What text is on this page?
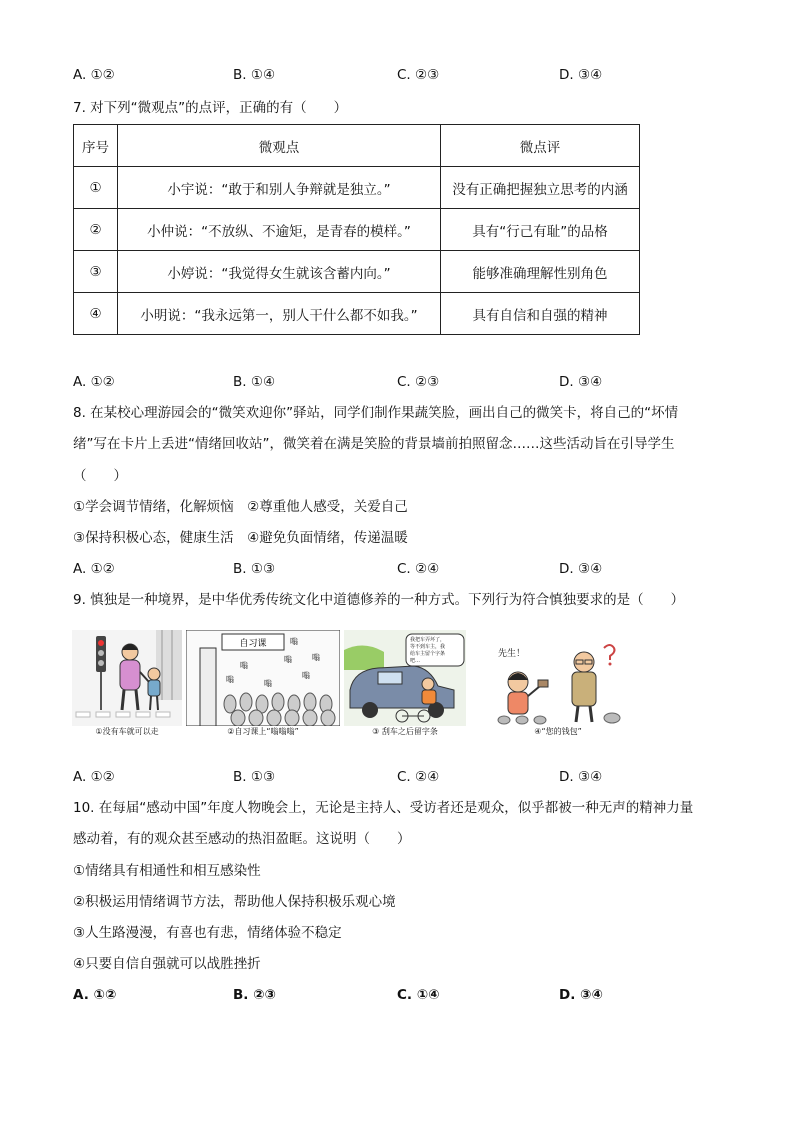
A. ①②	B. ①④	C. ②③	D. ③④
7. 对下列“微观点”的点评，正确的有（　　）
序号	微观点	微点评
①	小宇说：“敢于和别人争辩就是独立。”	没有正确把握独立思考的内涵
②	小仲说：“不放纵、不逾矩，是青春的模样。”	具有“行己有耻”的品格
③	小婷说：“我觉得女生就该含蓄内向。”	能够准确理解性别角色
④	小明说：“我永远第一，别人干什么都不如我。”	具有自信和自强的精神
A. ①②	B. ①④	C. ②③	D. ③④
8. 在某校心理游园会的“微笑欢迎你”驿站，同学们制作果蔬笑脸，画出自己的微笑卡，将自己的“坏情
绪”写在卡片上丢进“情绪回收站”，微笑着在满是笑脸的背景墙前拍照留念……这些活动旨在引导学生
（　　）
①学会调节情绪，化解烦恼　②尊重他人感受，关爱自己
③保持积极心态，健康生活　④避免负面情绪，传递温暖
A. ①②	B. ①③	C. ②④	D. ③④
9. 慎独是一种境界，是中华优秀传统文化中道德修养的一种方式。下列行为符合慎独要求的是（　　）
①没有车就可以走
自习课	嗡
嗡
嗡	嗡
嗡	嗡
嗡
②自习课上“嗡嗡嗡”
我把车弄坏了，
等不到车主，我
给车主留个字条
吧…
③ 刮车之后留字条
先生！
④“您的钱包”
A. ①②	B. ①③	C. ②④	D. ③④
10. 在每届“感动中国”年度人物晚会上，无论是主持人、受访者还是观众，似乎都被一种无声的精神力量
感动着，有的观众甚至感动的热泪盈眶。这说明（　　）
①情绪具有相通性和相互感染性
②积极运用情绪调节方法，帮助他人保持积极乐观心境
③人生路漫漫，有喜也有悲，情绪体验不稳定
④只要自信自强就可以战胜挫折
A. ①②	B. ②③	C. ①④	D. ③④
